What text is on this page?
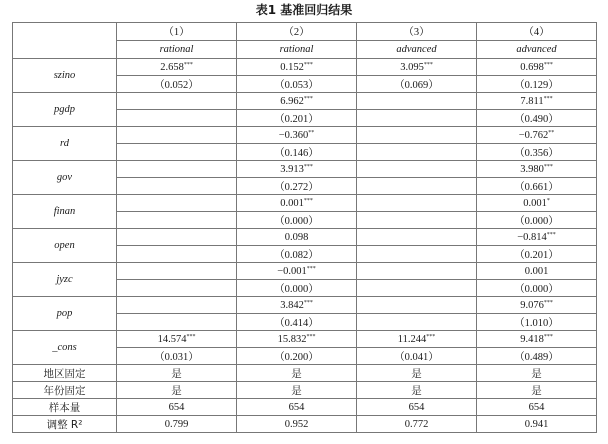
表1 基准回归结果
	（1）	（2）	（3）	（4）
	rational	rational	advanced	advanced
szino	2.658***	0.152***	3.095***	0.698***
	（0.052）	（0.053）	（0.069）	（0.129）
pgdp		6.962***		7.811***
		（0.201）		（0.490）
rd		−0.360**		−0.762**
		（0.146）		（0.356）
gov		3.913***		3.980***
		（0.272）		（0.661）
finan		0.001***		0.001*
		（0.000）		（0.000）
open		0.098		−0.814***
		（0.082）		（0.201）
jyzc		−0.001***		0.001
		（0.000）		（0.000）
pop		3.842***		9.076***
		（0.414）		（1.010）
_cons	14.574***	15.832***	11.244***	9.418***
	（0.031）	（0.200）	（0.041）	（0.489）
地区固定	是	是	是	是
年份固定	是	是	是	是
样本量	654	654	654	654
调整 R²	0.799	0.952	0.772	0.941
